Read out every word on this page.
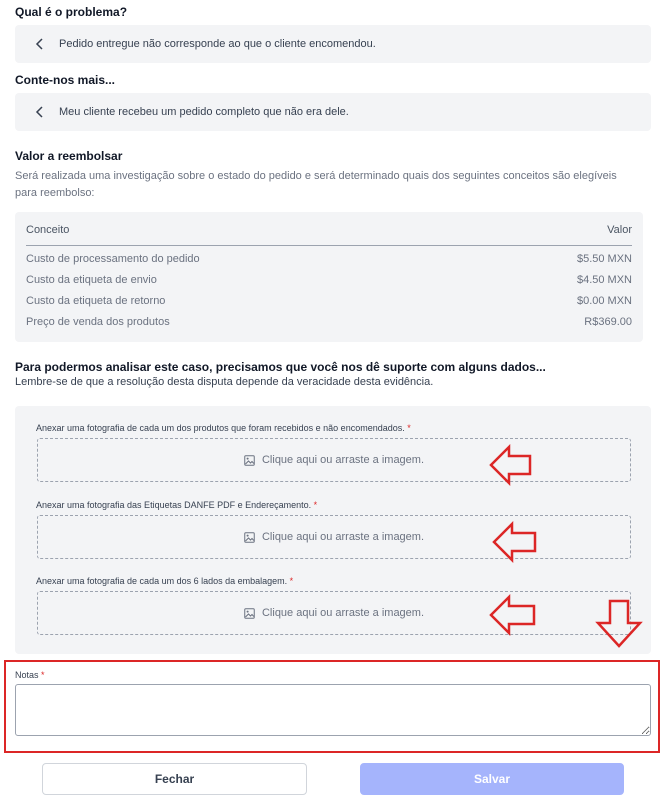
Qual é o problema?
Pedido entregue não corresponde ao que o cliente encomendou.
Conte-nos mais...
Meu cliente recebeu um pedido completo que não era dele.
Valor a reembolsar
Será realizada uma investigação sobre o estado do pedido e será determinado quais dos seguintes conceitos são elegíveis para reembolso:
Conceito	Valor
Custo de processamento do pedido	$5.50 MXN
Custo da etiqueta de envio	$4.50 MXN
Custo da etiqueta de retorno	$0.00 MXN
Preço de venda dos produtos	R$369.00
Para podermos analisar este caso, precisamos que você nos dê suporte com alguns dados...
Lembre-se de que a resolução desta disputa depende da veracidade desta evidência.
Anexar uma fotografia de cada um dos produtos que foram recebidos e não encomendados. *
Clique aqui ou arraste a imagem.
Anexar uma fotografia das Etiquetas DANFE PDF e Endereçamento. *
Clique aqui ou arraste a imagem.
Anexar uma fotografia de cada um dos 6 lados da embalagem. *
Clique aqui ou arraste a imagem.
Notas *
Fechar	Salvar
